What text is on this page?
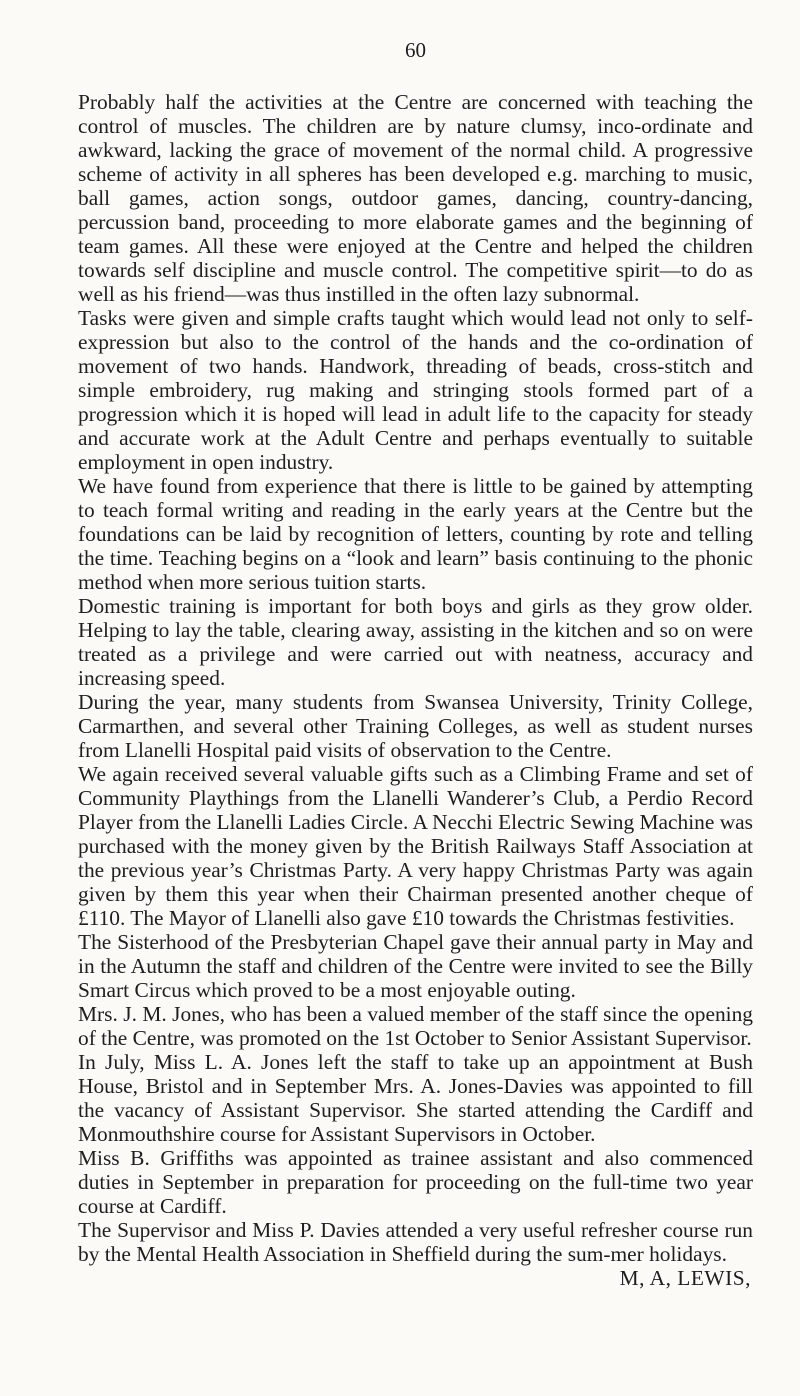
60

Probably half the activities at the Centre are concerned with teaching the control of muscles. The children are by nature clumsy, inco-ordinate and awkward, lacking the grace of movement of the normal child. A progressive scheme of activity in all spheres has been developed e.g. marching to music, ball games, action songs, outdoor games, dancing, country-dancing, percussion band, proceeding to more elaborate games and the beginning of team games. All these were enjoyed at the Centre and helped the children towards self discipline and muscle control. The competitive spirit—to do as well as his friend—was thus instilled in the often lazy subnormal.

Tasks were given and simple crafts taught which would lead not only to self-expression but also to the control of the hands and the co-ordination of movement of two hands. Handwork, threading of beads, cross-stitch and simple embroidery, rug making and stringing stools formed part of a progression which it is hoped will lead in adult life to the capacity for steady and accurate work at the Adult Centre and perhaps eventually to suitable employment in open industry.

We have found from experience that there is little to be gained by attempting to teach formal writing and reading in the early years at the Centre but the foundations can be laid by recognition of letters, counting by rote and telling the time. Teaching begins on a “look and learn” basis continuing to the phonic method when more serious tuition starts.

Domestic training is important for both boys and girls as they grow older. Helping to lay the table, clearing away, assisting in the kitchen and so on were treated as a privilege and were carried out with neatness, accuracy and increasing speed.

During the year, many students from Swansea University, Trinity College, Carmarthen, and several other Training Colleges, as well as student nurses from Llanelli Hospital paid visits of observation to the Centre.

We again received several valuable gifts such as a Climbing Frame and set of Community Playthings from the Llanelli Wanderer’s Club, a Perdio Record Player from the Llanelli Ladies Circle. A Necchi Electric Sewing Machine was purchased with the money given by the British Railways Staff Association at the previous year’s Christmas Party. A very happy Christmas Party was again given by them this year when their Chairman presented another cheque of £110. The Mayor of Llanelli also gave £10 towards the Christmas festivities.

The Sisterhood of the Presbyterian Chapel gave their annual party in May and in the Autumn the staff and children of the Centre were invited to see the Billy Smart Circus which proved to be a most enjoyable outing.

Mrs. J. M. Jones, who has been a valued member of the staff since the opening of the Centre, was promoted on the 1st October to Senior Assistant Supervisor.

In July, Miss L. A. Jones left the staff to take up an appointment at Bush House, Bristol and in September Mrs. A. Jones-Davies was appointed to fill the vacancy of Assistant Supervisor. She started attending the Cardiff and Monmouthshire course for Assistant Supervisors in October.

Miss B. Griffiths was appointed as trainee assistant and also commenced duties in September in preparation for proceeding on the full-time two year course at Cardiff.

The Supervisor and Miss P. Davies attended a very useful refresher course run by the Mental Health Association in Sheffield during the sum-mer holidays.

M, A, LEWIS,
